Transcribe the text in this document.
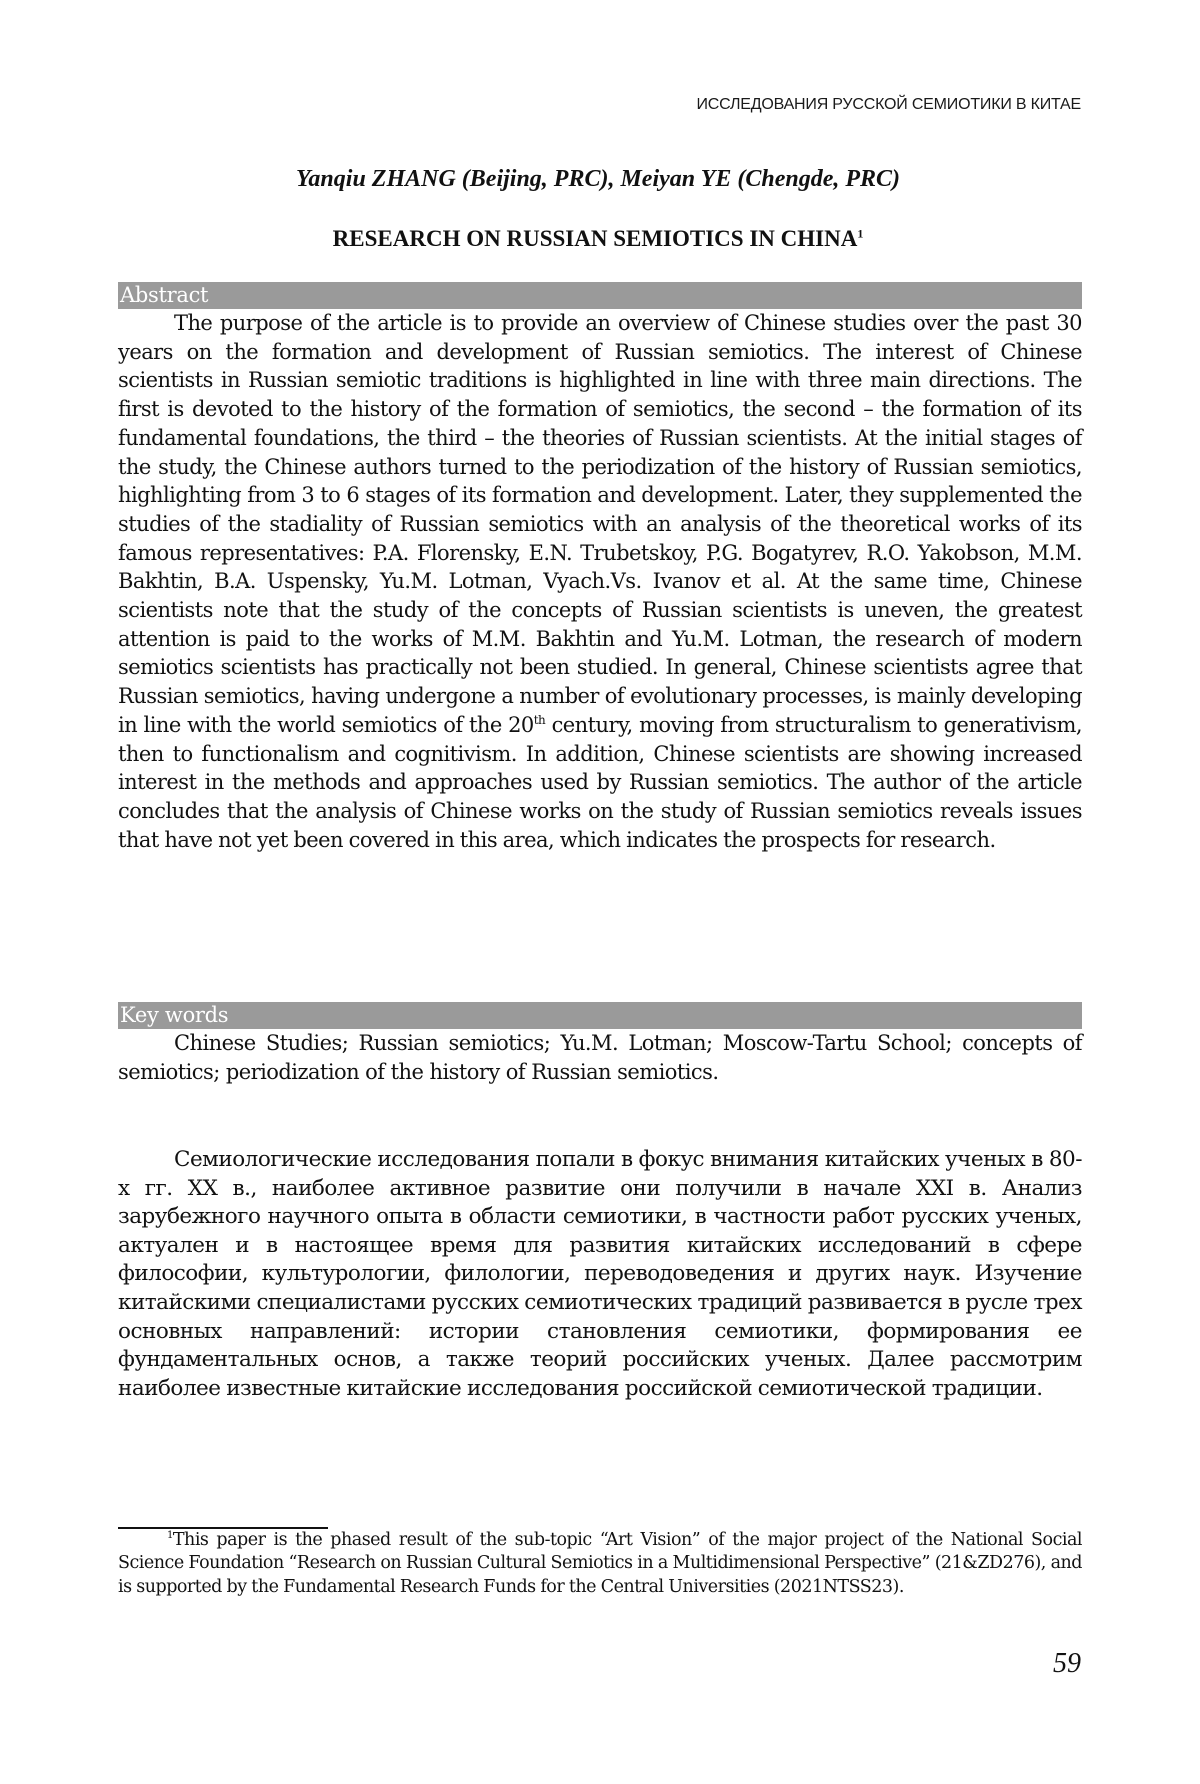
ИССЛЕДОВАНИЯ РУССКОЙ СЕМИОТИКИ В КИТАЕ
Yanqiu ZHANG (Beijing, PRC), Meiyan YE (Chengde, PRC)
RESEARCH ON RUSSIAN SEMIOTICS IN CHINA$^1$
Abstract

The purpose of the article is to provide an overview of Chinese studies over the past 30 years on the formation and development of Russian semiotics. The interest of Chinese scientists in Russian semiotic traditions is highlighted in line with three main directions. The first is devoted to the history of the formation of semiotics, the second – the formation of its fundamental foundations, the third – the theories of Russian scientists. At the initial stages of the study, the Chinese authors turned to the periodization of the history of Russian semiotics, highlighting from 3 to 6 stages of its formation and development. Later, they supplemented the studies of the stadiality of Russian semiotics with an analysis of the theoretical works of its famous representatives: P.A. Florensky, E.N. Trubetskoy, P.G. Bogatyrev, R.O. Yakobson, M.M. Bakhtin, B.A. Uspensky, Yu.M. Lotman, Vyach.Vs. Ivanov et al. At the same time, Chinese scientists note that the study of the concepts of Russian scientists is uneven, the greatest attention is paid to the works of M.M. Bakhtin and Yu.M. Lotman, the research of modern semiotics scientists has practically not been studied. In general, Chinese scientists agree that Russian semiotics, having undergone a number of evolutionary processes, is mainly developing in line with the world semiotics of the 20th century, moving from structuralism to generativism, then to functionalism and cognitivism. In addition, Chinese scientists are showing increased interest in the methods and approaches used by Russian semiotics. The author of the article concludes that the analysis of Chinese works on the study of Russian semiotics reveals issues that have not yet been covered in this area, which indicates the prospects for research.

Key words

Chinese Studies; Russian semiotics; Yu.M. Lotman; Moscow-Tartu School; concepts of semiotics; periodization of the history of Russian semiotics.

Семиологические исследования попали в фокус внимания китайских ученых в 80-х гг. XX в., наиболее активное развитие они получили в начале XXI в. Анализ зарубежного научного опыта в области семиотики, в частности работ русских ученых, актуален и в настоящее время для развития китайских исследований в сфере философии, культурологии, филологии, переводоведения и других наук. Изучение китайскими специалистами русских семиотических традиций развивается в русле трех основных направлений: истории становления семиотики, формирования ее фундаментальных основ, а также теорий российских ученых. Далее рассмотрим наиболее известные китайские исследования российской семиотической традиции.

$^1$This paper is the phased result of the sub-topic “Art Vision” of the major project of the National Social Science Foundation “Research on Russian Cultural Semiotics in a Multidimensional Perspective” (21&ZD276), and is supported by the Fundamental Research Funds for the Central Universities (2021NTSS23).
59
